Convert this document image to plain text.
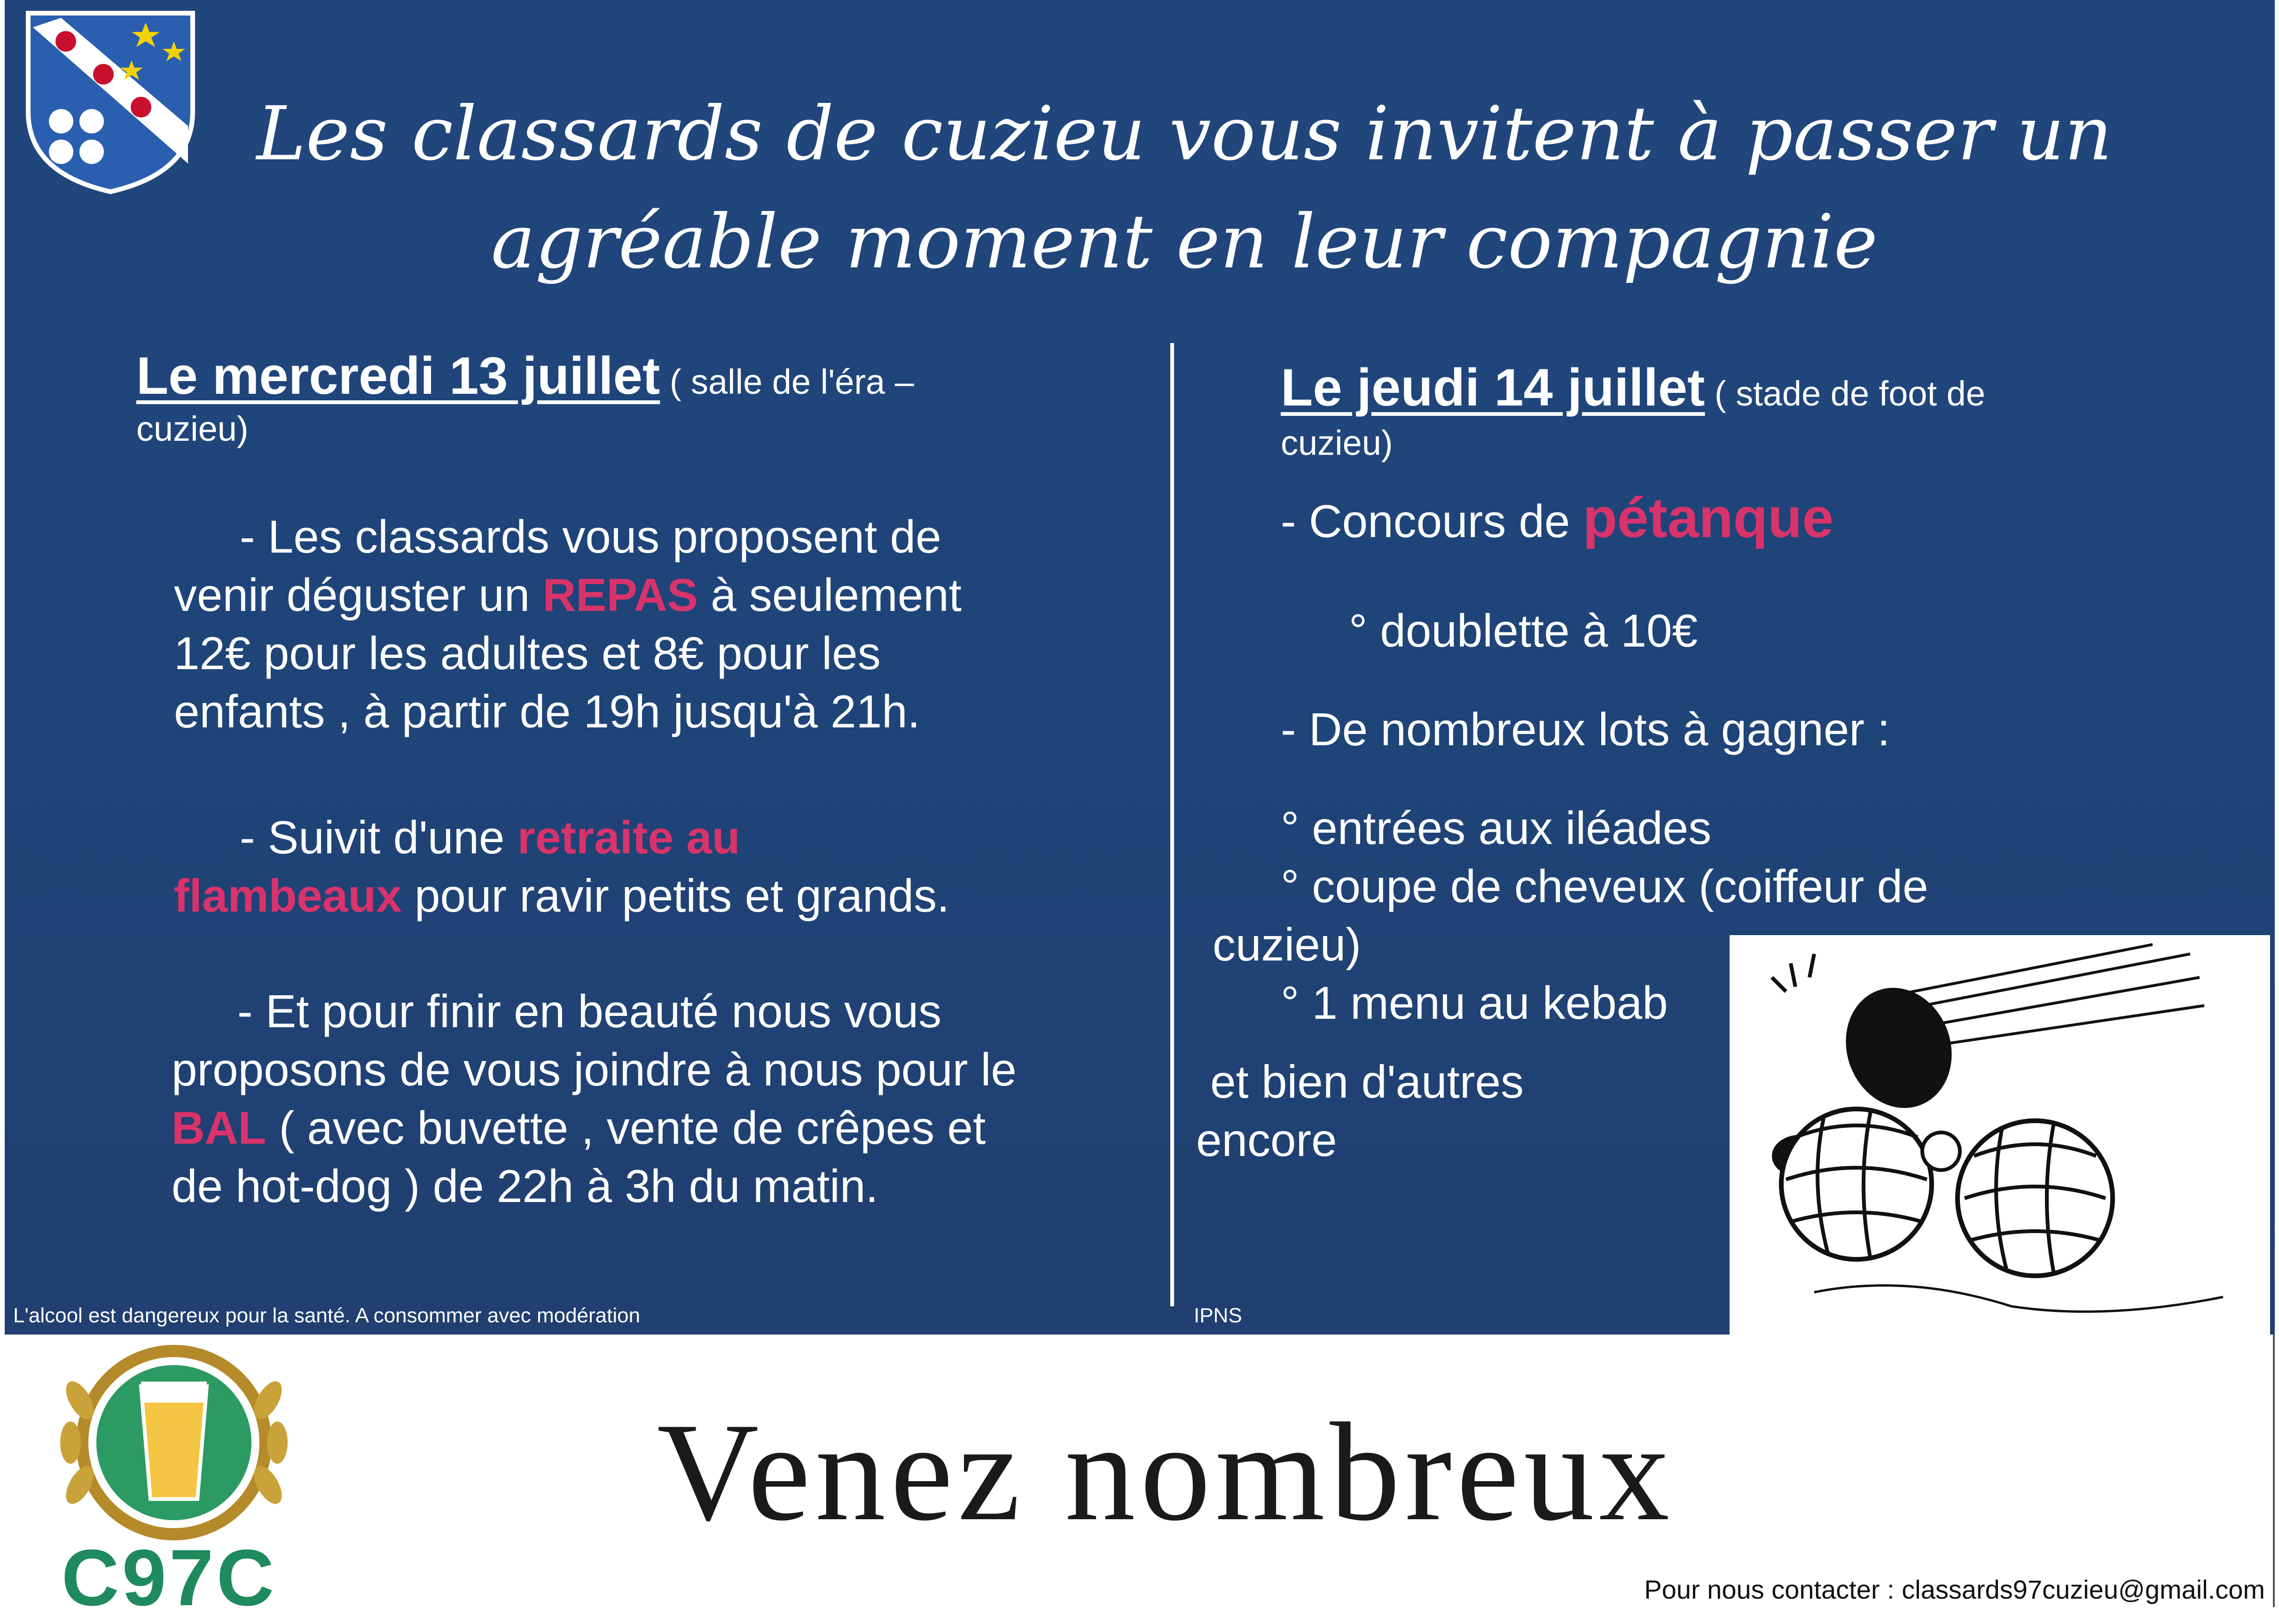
Les classards de cuzieu vous invitent à passer un
agréable moment en leur compagnie
Le mercredi 13 juillet ( salle de l'éra –

cuzieu)

- Les classards vous proposent de
venir déguster un REPAS à seulement
12€ pour les adultes et 8€ pour les
enfants , à partir de 19h jusqu'à 21h.
- Suivit d'une retraite au
flambeaux pour ravir petits et grands.
- Et pour finir en beauté nous vous
proposons de vous joindre à nous pour le
BAL ( avec buvette , vente de crêpes et
de hot-dog ) de 22h à 3h du matin.

L'alcool est dangereux pour la santé. A consommer avec modération

Le jeudi 14 juillet ( stade de foot de

cuzieu)

- Concours de pétanque

° doublette à 10€

- De nombreux lots à gagner :

° entrées aux iléades
° coupe de cheveux (coiffeur de
cuzieu)
° 1 menu au kebab
et bien d'autres
encore

IPNS

C97C

Venez nombreux

Pour nous contacter : classards97cuzieu@gmail.com
